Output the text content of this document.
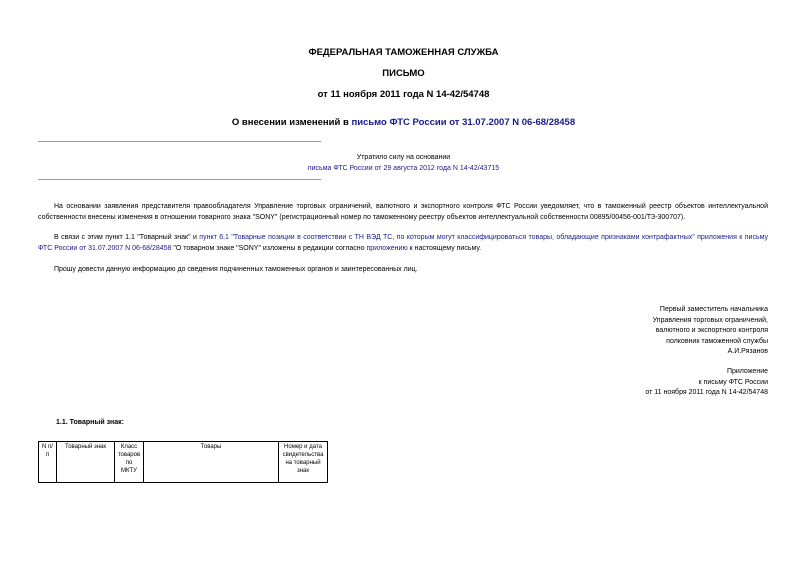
ФЕДЕРАЛЬНАЯ ТАМОЖЕННАЯ СЛУЖБА
ПИСЬМО
от 11 ноября 2011 года N 14-42/54748
О внесении изменений в письмо ФТС России от 31.07.2007 N 06-68/28458
Утратило силу на основании
письма ФТС России от 29 августа 2012 года N 14-42/43715
На основании заявления представителя правообладателя Управление торговых ограничений, валютного и экспортного контроля ФТС России уведомляет, что в таможенный реестр объектов интеллектуальной собственности внесены изменения в отношении товарного знака "SONY" (регистрационный номер по таможенному реестру объектов интеллектуальной собственности 00895/00456-001/ТЗ-300707).
В связи с этим пункт 1.1 "Товарный знак" и пункт 6.1 "Товарные позиции в соответствии с ТН ВЭД ТС, по которым могут классифицироваться товары, обладающие признаками контрафактных" приложения к письму ФТС России от 31.07.2007 N 06-68/28458 "О товарном знаке "SONY" изложены в редакции согласно приложению к настоящему письму.
Прошу довести данную информацию до сведения подчиненных таможенных органов и заинтересованных лиц.
Первый заместитель начальника
Управления торговых ограничений,
валютного и экспортного контроля
полковник таможенной службы
А.И.Рязанов
Приложение
к письму ФТС России
от 11 ноября 2011 года N 14-42/54748
1.1. Товарный знак:
N п/п	Товарный знак	Класс товаров по МКТУ	Товары	Номер и дата свидетельства на товарный знак
